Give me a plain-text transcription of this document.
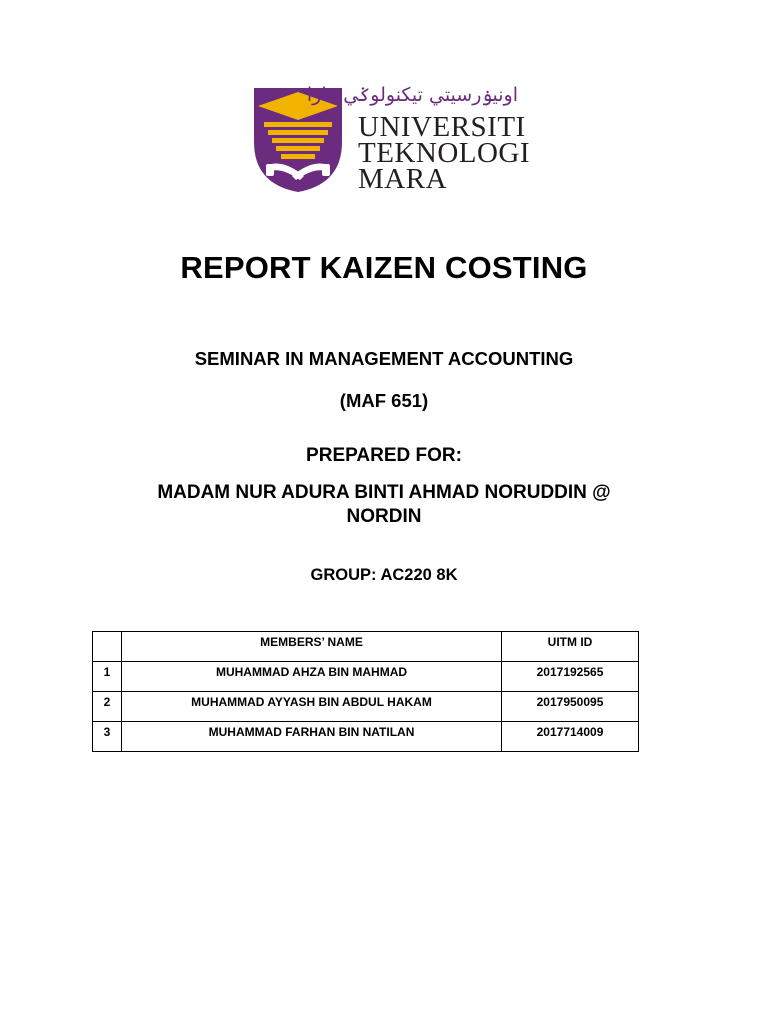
اونيۏرسيتي تيكنولوݢي مارا
UNIVERSITI
TEKNOLOGI
MARA
REPORT KAIZEN COSTING
SEMINAR IN MANAGEMENT ACCOUNTING
(MAF 651)
PREPARED FOR:
MADAM NUR ADURA BINTI AHMAD NORUDDIN @
NORDIN
GROUP: AC220 8K
	MEMBERS’ NAME	UITM ID
1	MUHAMMAD AHZA BIN MAHMAD	2017192565
2	MUHAMMAD AYYASH BIN ABDUL HAKAM	2017950095
3	MUHAMMAD FARHAN BIN NATILAN	2017714009
